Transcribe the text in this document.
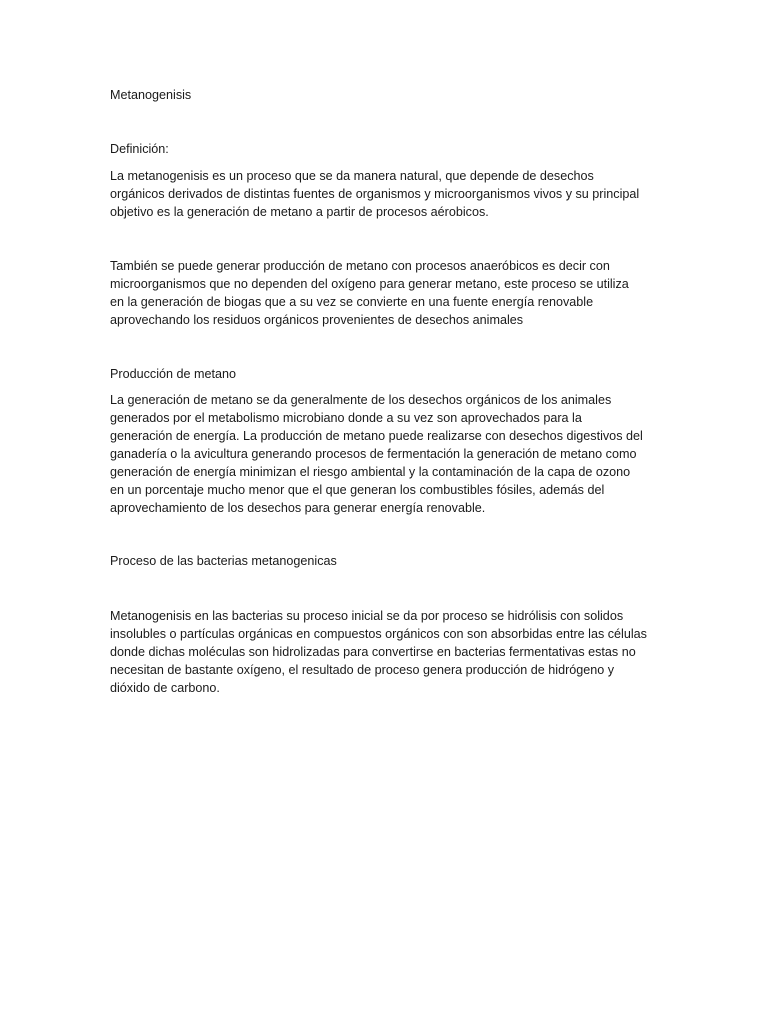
Metanogenisis

Definición:

La metanogenisis es un proceso que se da manera natural, que depende de desechos
orgánicos derivados de distintas fuentes de organismos y microorganismos vivos y su principal
objetivo es la generación de metano a partir de procesos aérobicos.

También se puede generar producción de metano con procesos anaeróbicos es decir con
microorganismos que no dependen del oxígeno para generar metano, este proceso se utiliza
en la generación de biogas que a su vez se convierte en una fuente energía renovable
aprovechando los residuos orgánicos provenientes de desechos animales

Producción de metano

La generación de metano se da generalmente de los desechos orgánicos de los animales
generados por el metabolismo microbiano donde a su vez son aprovechados para la
generación de energía. La producción de metano puede realizarse con desechos digestivos del
ganadería o la avicultura generando procesos de fermentación la generación de metano como
generación de energía minimizan el riesgo ambiental y la contaminación de la capa de ozono
en un porcentaje mucho menor que el que generan los combustibles fósiles, además del
aprovechamiento de los desechos para generar energía renovable.

Proceso de las bacterias metanogenicas

Metanogenisis en las bacterias su proceso inicial se da por proceso se hidrólisis con solidos
insolubles o partículas orgánicas en compuestos orgánicos con son absorbidas entre las células
donde dichas moléculas son hidrolizadas para convertirse en bacterias fermentativas estas no
necesitan de bastante oxígeno, el resultado de proceso genera producción de hidrógeno y
dióxido de carbono.
